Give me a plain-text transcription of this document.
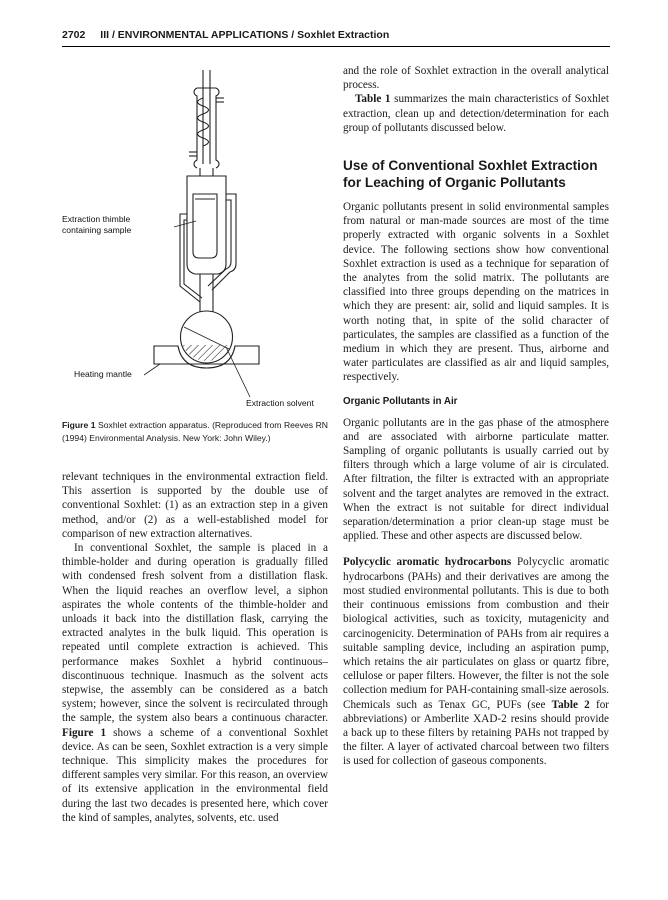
2702 III / ENVIRONMENTAL APPLICATIONS / Soxhlet Extraction
Extraction thimble
containing sample
Heating mantle
Extraction solvent

Figure 1 Soxhlet extraction apparatus. (Reproduced from Reeves RN (1994) Environmental Analysis. New York: John Wiley.)

relevant techniques in the environmental extraction field. This assertion is supported by the double use of conventional Soxhlet: (1) as an extraction step in a given method, and/or (2) as a well-established model for comparison of new extraction alternatives.

In conventional Soxhlet, the sample is placed in a thimble-holder and during operation is gradually filled with condensed fresh solvent from a distillation flask. When the liquid reaches an overflow level, a siphon aspirates the whole contents of the thimble-holder and unloads it back into the distillation flask, carrying the extracted analytes in the bulk liquid. This operation is repeated until complete extraction is achieved. This performance makes Soxhlet a hybrid continuous–discontinuous technique. Inasmuch as the solvent acts stepwise, the assembly can be considered as a batch system; however, since the solvent is recirculated through the sample, the system also bears a continuous character. Figure 1 shows a scheme of a conventional Soxhlet device. As can be seen, Soxhlet extraction is a very simple technique. This simplicity makes the procedures for different samples very similar. For this reason, an overview of its extensive application in the environmental field during the last two decades is presented here, which cover the kind of samples, analytes, solvents, etc. used

and the role of Soxhlet extraction in the overall analytical process.

Table 1 summarizes the main characteristics of Soxhlet extraction, clean up and detection/determination for each group of pollutants discussed below.

Use of Conventional Soxhlet Extraction for Leaching of Organic Pollutants

Organic pollutants present in solid environmental samples from natural or man-made sources are most of the time properly extracted with organic solvents in a Soxhlet device. The following sections show how conventional Soxhlet extraction is used as a technique for separation of the analytes from the solid matrix. The pollutants are classified into three groups depending on the matrices in which they are present: air, solid and liquid samples. It is worth noting that, in spite of the solid character of particulates, the samples are classified as a function of the medium in which they are present. Thus, airborne and water particulates are classified as air and liquid samples, respectively.

Organic Pollutants in Air

Organic pollutants are in the gas phase of the atmosphere and are associated with airborne particulate matter. Sampling of organic pollutants is usually carried out by filters through which a large volume of air is circulated. After filtration, the filter is extracted with an appropriate solvent and the target analytes are removed in the extract. When the extract is not suitable for direct individual separation/determination a prior clean-up stage must be applied. These and other aspects are discussed below.

Polycyclic aromatic hydrocarbons Polycyclic aromatic hydrocarbons (PAHs) and their derivatives are among the most studied environmental pollutants. This is due to both their continuous emissions from combustion and their biological activities, such as toxicity, mutagenicity and carcinogenicity. Determination of PAHs from air requires a suitable sampling device, including an aspiration pump, which retains the air particulates on glass or quartz fibre, cellulose or paper filters. However, the filter is not the sole collection medium for PAH-containing small-size aerosols. Chemicals such as Tenax GC, PUFs (see Table 2 for abbreviations) or Amberlite XAD-2 resins should provide a back up to these filters by retaining PAHs not trapped by the filter. A layer of activated charcoal between two filters is used for collection of gaseous components.
